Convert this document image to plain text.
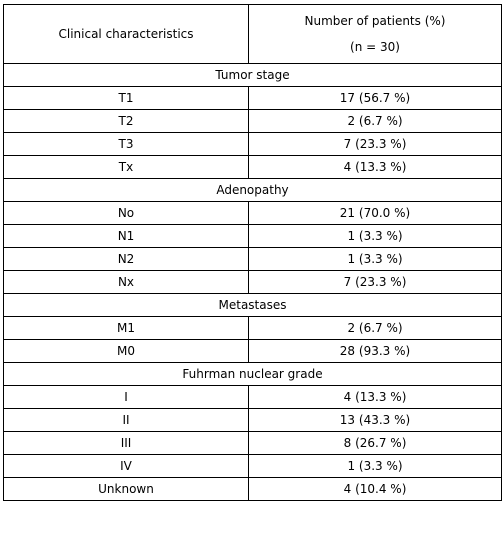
Clinical characteristics	Number of patients (%)
(n = 30)

Tumor stage	
T1	17 (56.7 %)
T2	2 (6.7 %)
T3	7 (23.3 %)
Tx	4 (13.3 %)
Adenopathy	
No	21 (70.0 %)
N1	1 (3.3 %)
N2	1 (3.3 %)
Nx	7 (23.3 %)
Metastases	
M1	2 (6.7 %)
M0	28 (93.3 %)
Fuhrman nuclear grade	
I	4 (13.3 %)
II	13 (43.3 %)
III	8 (26.7 %)
IV	1 (3.3 %)
Unknown	4 (10.4 %)
